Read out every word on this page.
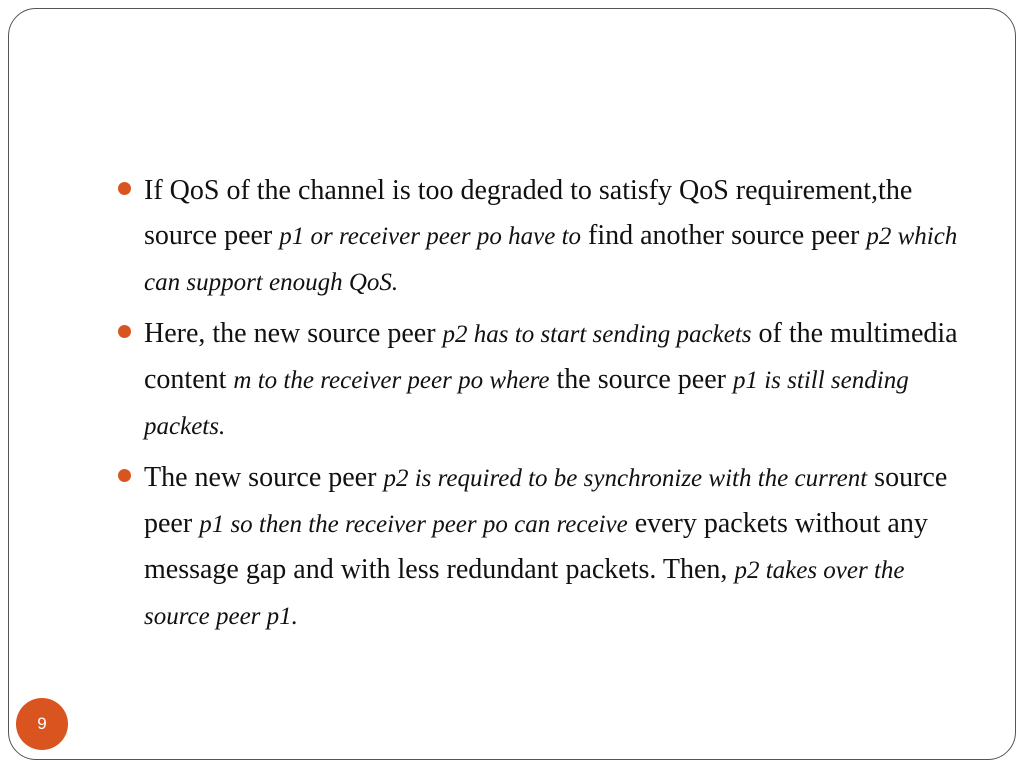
If QoS of the channel is too degraded to satisfy QoS requirement,the source peer p1 or receiver peer po have to find another source peer p2 which can support enough QoS.
Here, the new source peer p2 has to start sending packets of the multimedia content m to the receiver peer po where the source peer p1 is still sending packets.
The new source peer p2 is required to be synchronize with the current source peer p1 so then the receiver peer po can receive every packets without any message gap and with less redundant packets. Then, p2 takes over the source peer p1.
9
